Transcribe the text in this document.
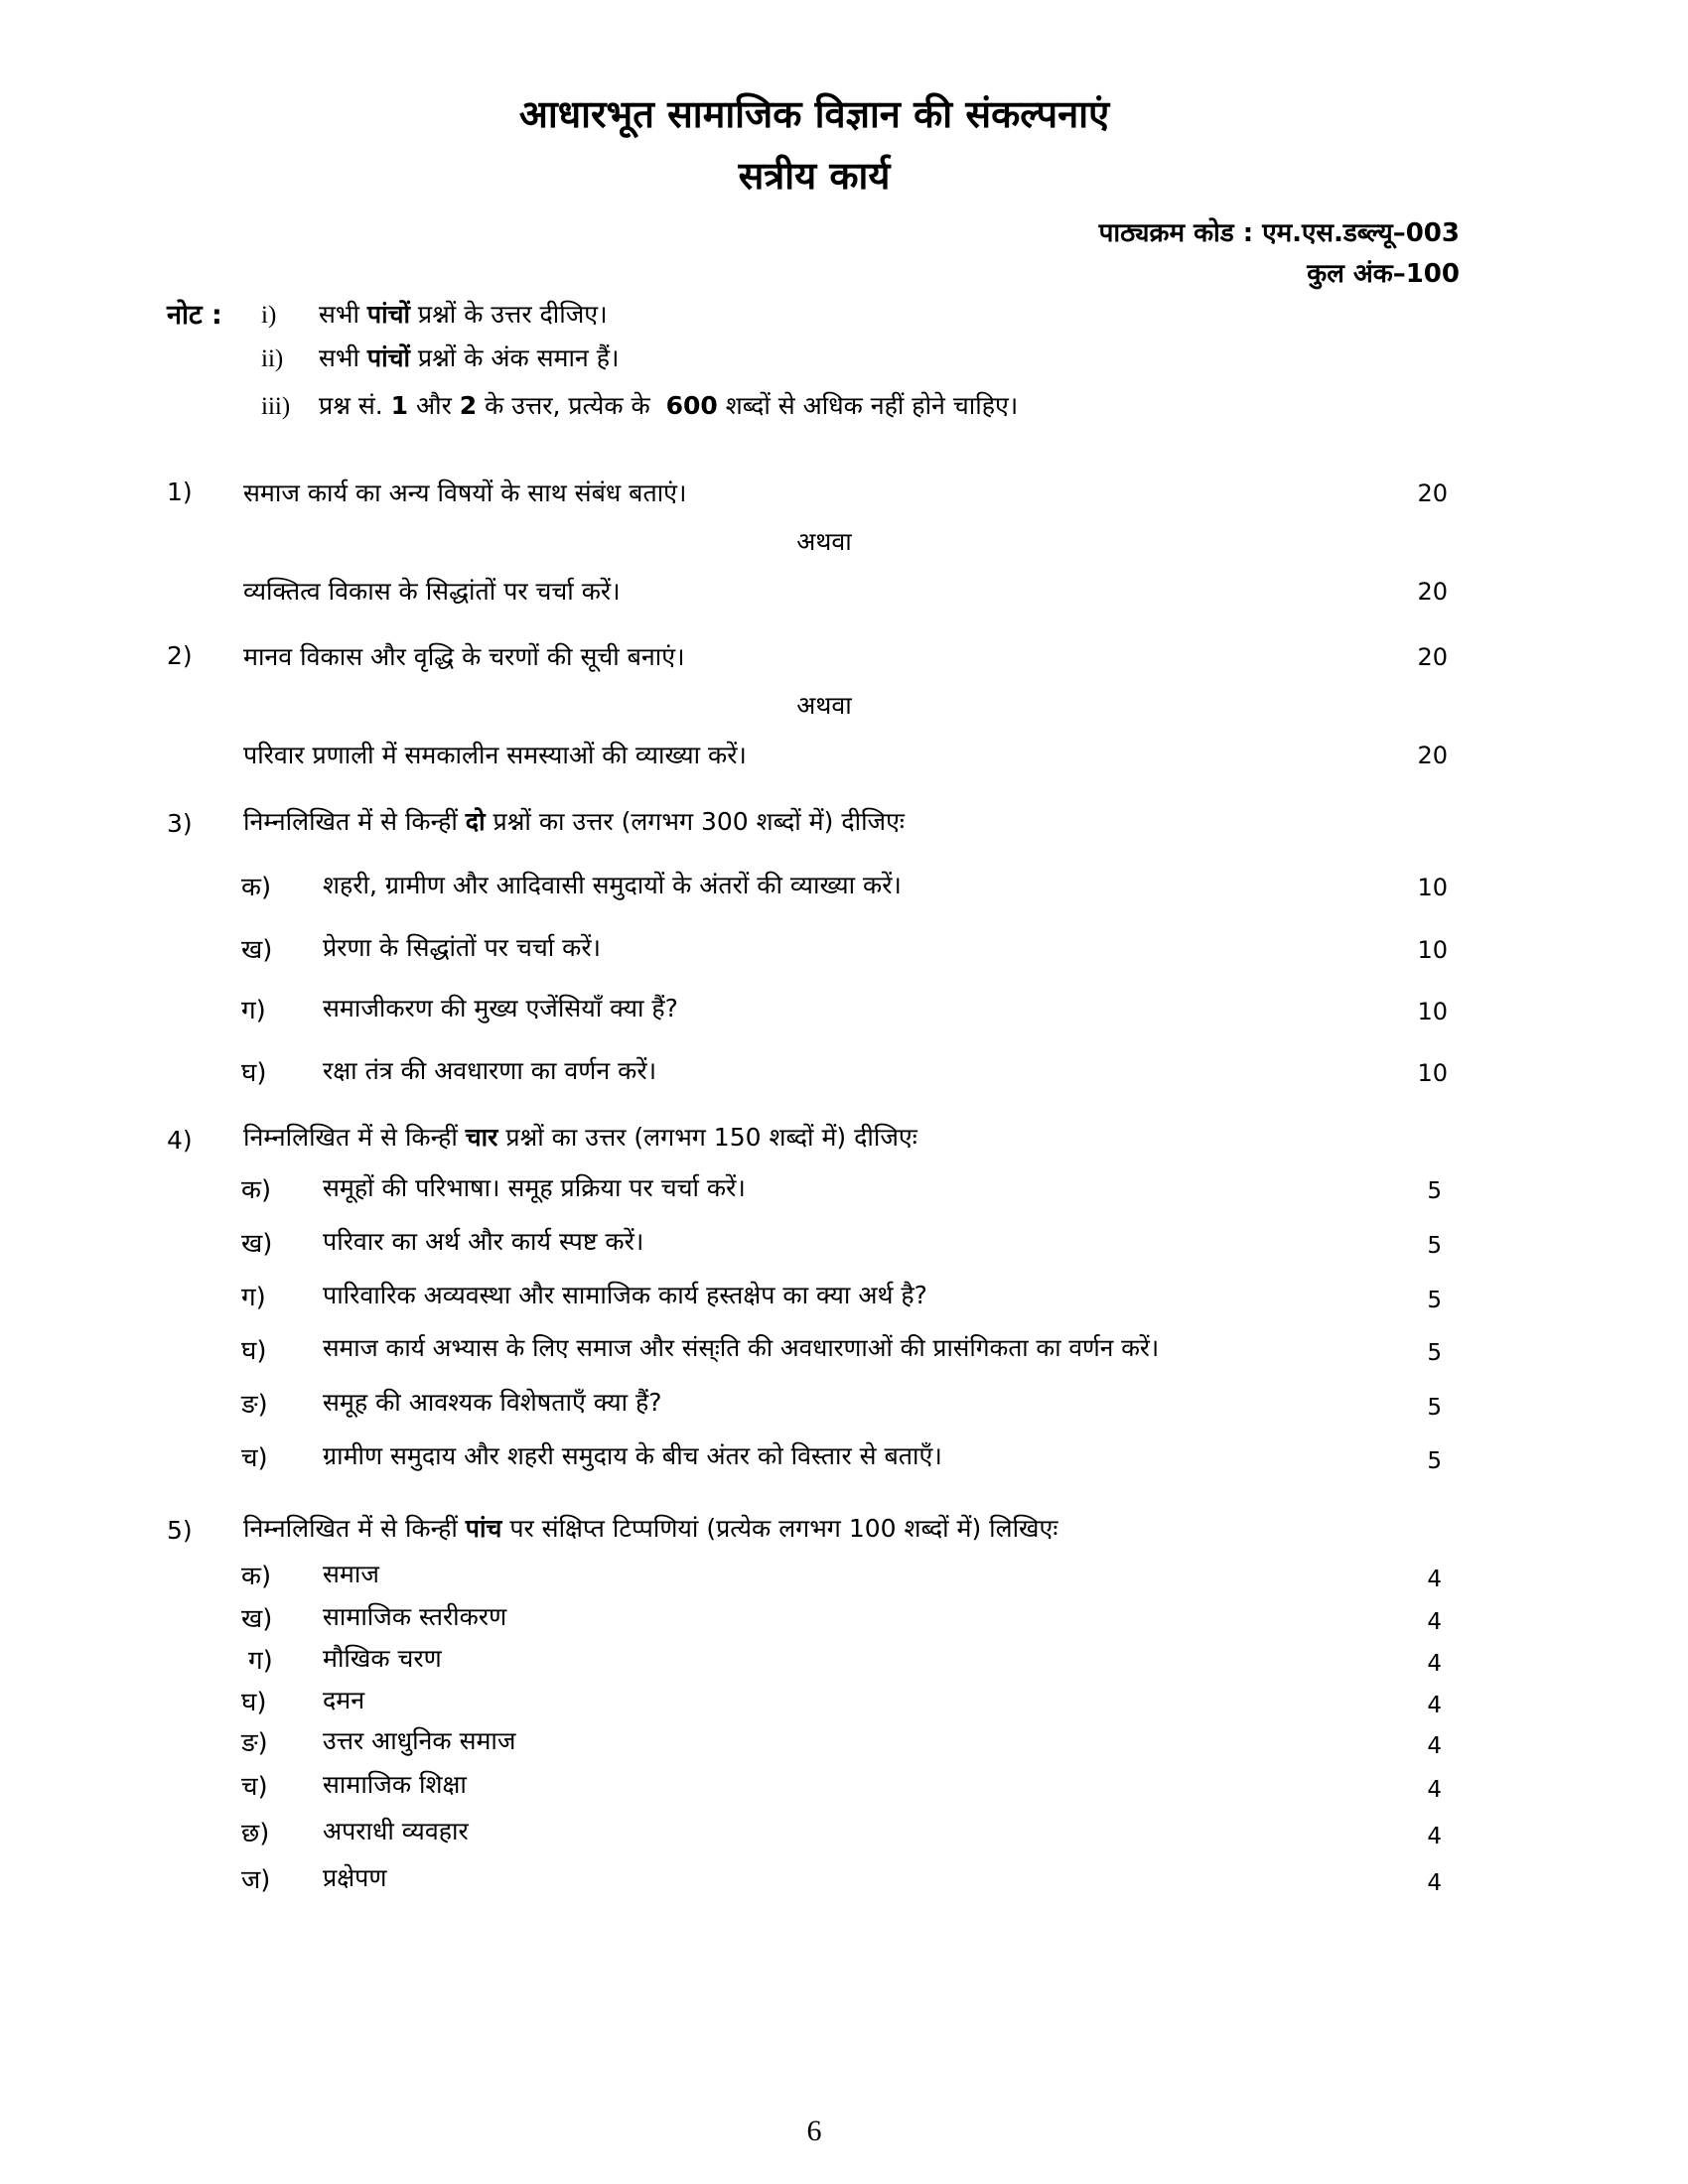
आधारभूत सामाजिक विज्ञान की संकल्पनाएं
सत्रीय कार्य
पाठ्यक्रम कोड : एम.एस.डब्ल्यू–003
कुल अंक–100
नोट : i) सभी पांचों प्रश्नों के उत्तर दीजिए।
ii) सभी पांचों प्रश्नों के अंक समान हैं।
iii) प्रश्न सं. 1 और 2 के उत्तर, प्रत्येक के 600 शब्दों से अधिक नहीं होने चाहिए।
1) समाज कार्य का अन्य विषयों के साथ संबंध बताएं।	20
अथवा
व्यक्तित्व विकास के सिद्धांतों पर चर्चा करें।	20
2) मानव विकास और वृद्धि के चरणों की सूची बनाएं।	20
अथवा
परिवार प्रणाली में समकालीन समस्याओं की व्याख्या करें।	20
3) निम्नलिखित में से किन्हीं दो प्रश्नों का उत्तर (लगभग 300 शब्दों में) दीजिएः
क) शहरी, ग्रामीण और आदिवासी समुदायों के अंतरों की व्याख्या करें।	10
ख) प्रेरणा के सिद्धांतों पर चर्चा करें।	10
ग) समाजीकरण की मुख्य एजेंसियाँ क्या हैं?	10
घ) रक्षा तंत्र की अवधारणा का वर्णन करें।	10
4) निम्नलिखित में से किन्हीं चार प्रश्नों का उत्तर (लगभग 150 शब्दों में) दीजिएः
क) समूहों की परिभाषा। समूह प्रक्रिया पर चर्चा करें।	5
ख) परिवार का अर्थ और कार्य स्पष्ट करें।	5
ग) पारिवारिक अव्यवस्था और सामाजिक कार्य हस्तक्षेप का क्या अर्थ है?	5
घ) समाज कार्य अभ्यास के लिए समाज और संस्ःति की अवधारणाओं की प्रासंगिकता का वर्णन करें।	5
ङ) समूह की आवश्यक विशेषताएँ क्या हैं?	5
च) ग्रामीण समुदाय और शहरी समुदाय के बीच अंतर को विस्तार से बताएँ।	5
5) निम्नलिखित में से किन्हीं पांच पर संक्षिप्त टिप्पणियां (प्रत्येक लगभग 100 शब्दों में) लिखिएः
क) समाज	4
ख) सामाजिक स्तरीकरण	4
ग) मौखिक चरण	4
घ) दमन	4
ङ) उत्तर आधुनिक समाज	4
च) सामाजिक शिक्षा	4
छ) अपराधी व्यवहार	4
ज) प्रक्षेपण	4
6
